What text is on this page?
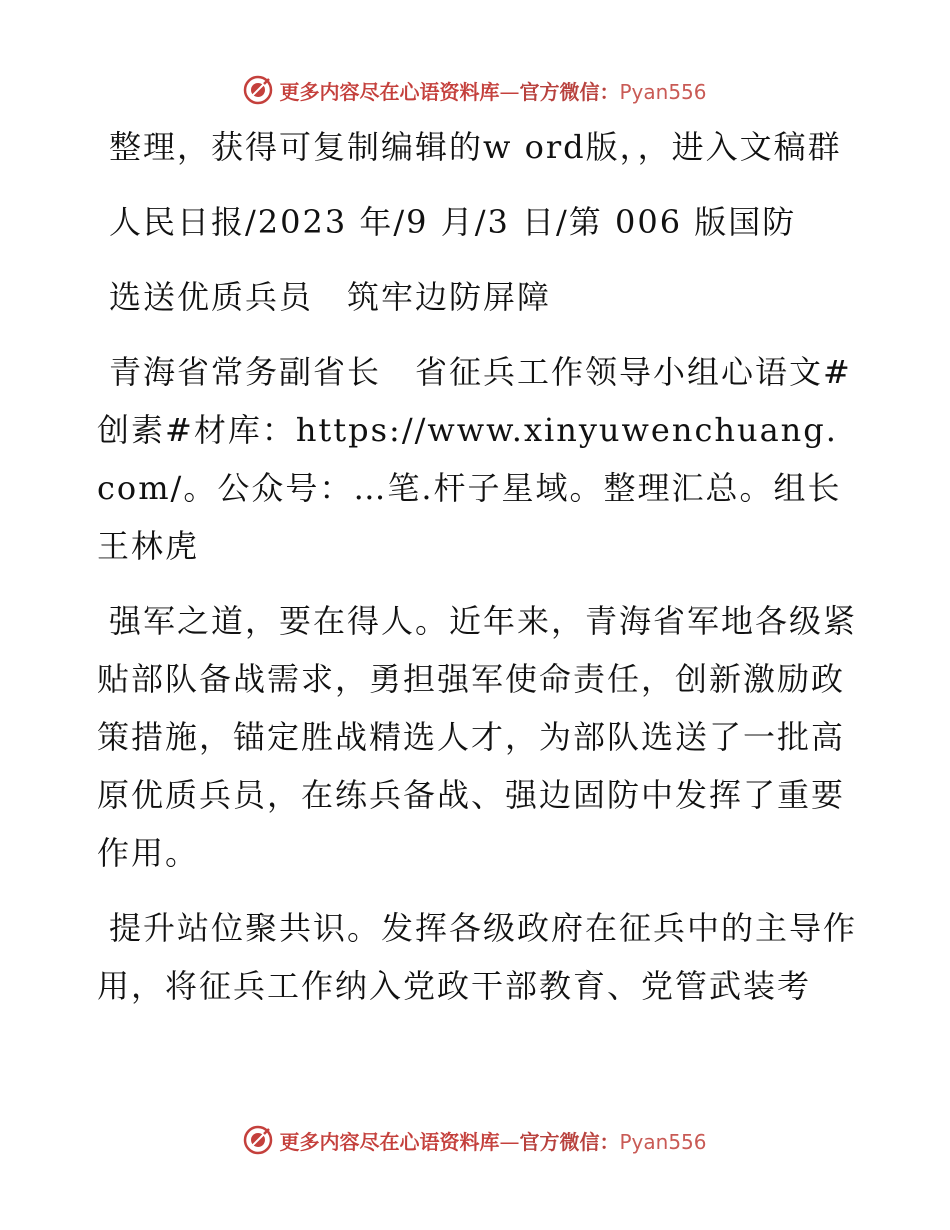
更多内容尽在心语资料库—官方微信：Pyan556

整理，获得可复制编辑的w ord版，，进入文稿群

人民日报/2023 年/9 月/3 日/第 006 版国防

选送优质兵员　筑牢边防屏障

青海省常务副省长　省征兵工作领导小组心语文#创素#材库：https://www.xinyuwenchuang.com/。公众号：…笔.杆子星域。整理汇总。组长　王林虎

强军之道，要在得人。近年来，青海省军地各级紧贴部队备战需求，勇担强军使命责任，创新激励政策措施，锚定胜战精选人才，为部队选送了一批高原优质兵员，在练兵备战、强边固防中发挥了重要作用。

提升站位聚共识。发挥各级政府在征兵中的主导作用，将征兵工作纳入党政干部教育、党管武装考

更多内容尽在心语资料库—官方微信：Pyan556
